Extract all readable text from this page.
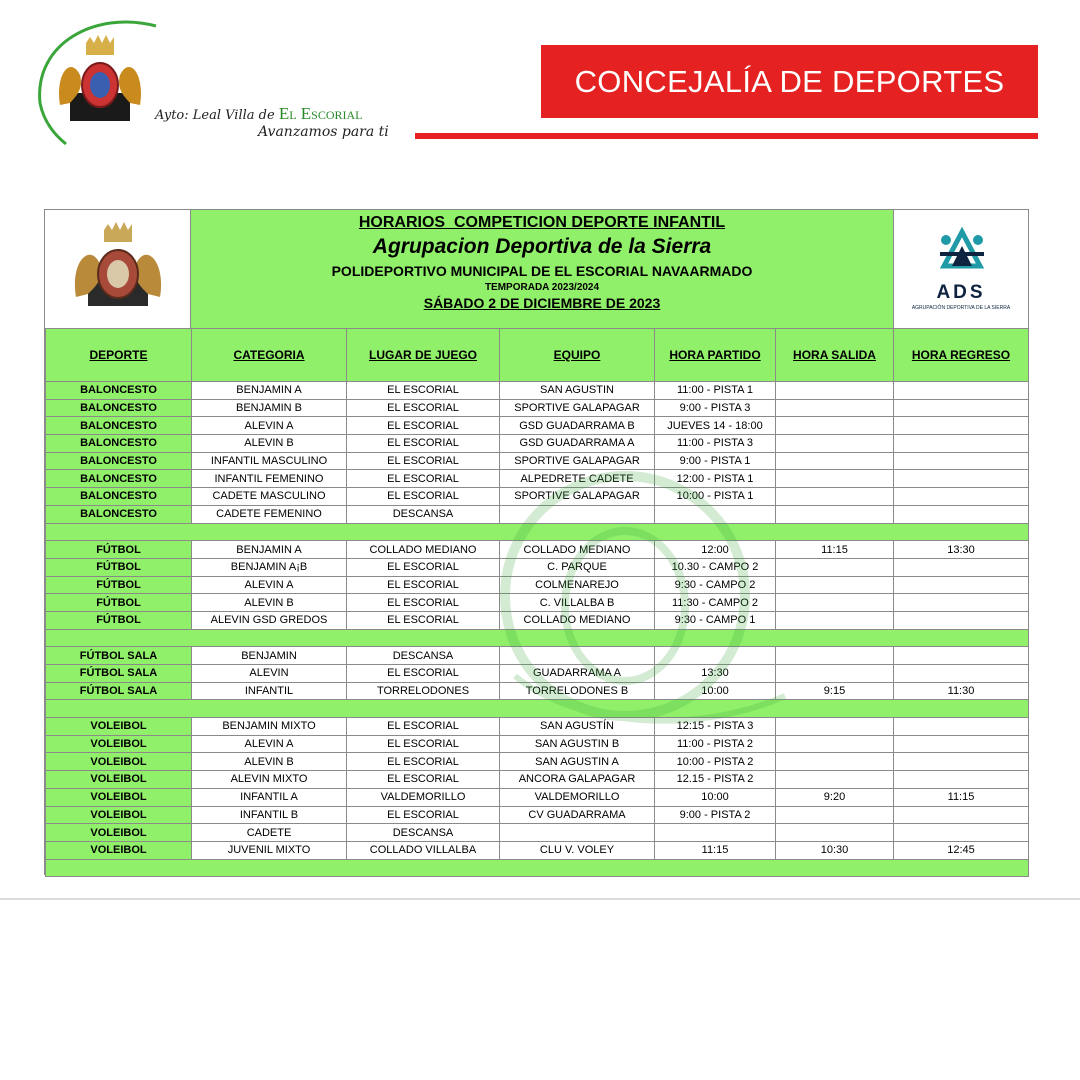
Ayto: Leal Villa de El Escorial
Avanzamos para ti
CONCEJALÍA DE DEPORTES
HORARIOS  COMPETICION DEPORTE INFANTIL
Agrupacion Deportiva de la Sierra
POLIDEPORTIVO MUNICIPAL DE EL ESCORIAL NAVAARMADO
TEMPORADA 2023/2024
SÁBADO 2 DE DICIEMBRE DE 2023	ADS
AGRUPACIÓN DEPORTIVA DE LA SIERRA
DEPORTE	CATEGORIA	LUGAR DE JUEGO	EQUIPO	HORA PARTIDO	HORA SALIDA	HORA REGRESO
BALONCESTO	BENJAMIN A	EL ESCORIAL	SAN AGUSTIN	11:00 - PISTA 1		
BALONCESTO	BENJAMIN B	EL ESCORIAL	SPORTIVE GALAPAGAR	9:00 - PISTA 3		
BALONCESTO	ALEVIN A	EL ESCORIAL	GSD GUADARRAMA B	JUEVES 14 - 18:00		
BALONCESTO	ALEVIN B	EL ESCORIAL	GSD GUADARRAMA A	11:00 - PISTA 3		
BALONCESTO	INFANTIL MASCULINO	EL ESCORIAL	SPORTIVE GALAPAGAR	9:00 - PISTA 1		
BALONCESTO	INFANTIL FEMENINO	EL ESCORIAL	ALPEDRETE CADETE	12:00 - PISTA 1		
BALONCESTO	CADETE MASCULINO	EL ESCORIAL	SPORTIVE GALAPAGAR	10:00 - PISTA 1		
BALONCESTO	CADETE FEMENINO	DESCANSA				

FÚTBOL	BENJAMIN A	COLLADO MEDIANO	COLLADO MEDIANO	12:00	11:15	13:30
FÚTBOL	BENJAMIN A¡B	EL ESCORIAL	C. PARQUE	10.30 - CAMPO 2		
FÚTBOL	ALEVIN A	EL ESCORIAL	COLMENAREJO	9:30 - CAMPO 2		
FÚTBOL	ALEVIN B	EL ESCORIAL	C. VILLALBA B	11:30 - CAMPO 2		
FÚTBOL	ALEVIN GSD GREDOS	EL ESCORIAL	COLLADO MEDIANO	9:30 - CAMPO 1		

FÚTBOL SALA	BENJAMIN	DESCANSA				
FÚTBOL SALA	ALEVIN	EL ESCORIAL	GUADARRAMA A	13:30		
FÚTBOL SALA	INFANTIL	TORRELODONES	TORRELODONES B	10:00	9:15	11:30

VOLEIBOL	BENJAMIN MIXTO	EL ESCORIAL	SAN AGUSTÍN	12:15 - PISTA 3		
VOLEIBOL	ALEVIN A	EL ESCORIAL	SAN AGUSTIN B	11:00 - PISTA 2		
VOLEIBOL	ALEVIN B	EL ESCORIAL	SAN AGUSTIN A	10:00 - PISTA 2		
VOLEIBOL	ALEVIN MIXTO	EL ESCORIAL	ANCORA GALAPAGAR	12.15 - PISTA 2		
VOLEIBOL	INFANTIL A	VALDEMORILLO	VALDEMORILLO	10:00	9:20	11:15
VOLEIBOL	INFANTIL B	EL ESCORIAL	CV GUADARRAMA	9:00 - PISTA 2		
VOLEIBOL	CADETE	DESCANSA				
VOLEIBOL	JUVENIL MIXTO	COLLADO VILLALBA	CLU V. VOLEY	11:15	10:30	12:45
